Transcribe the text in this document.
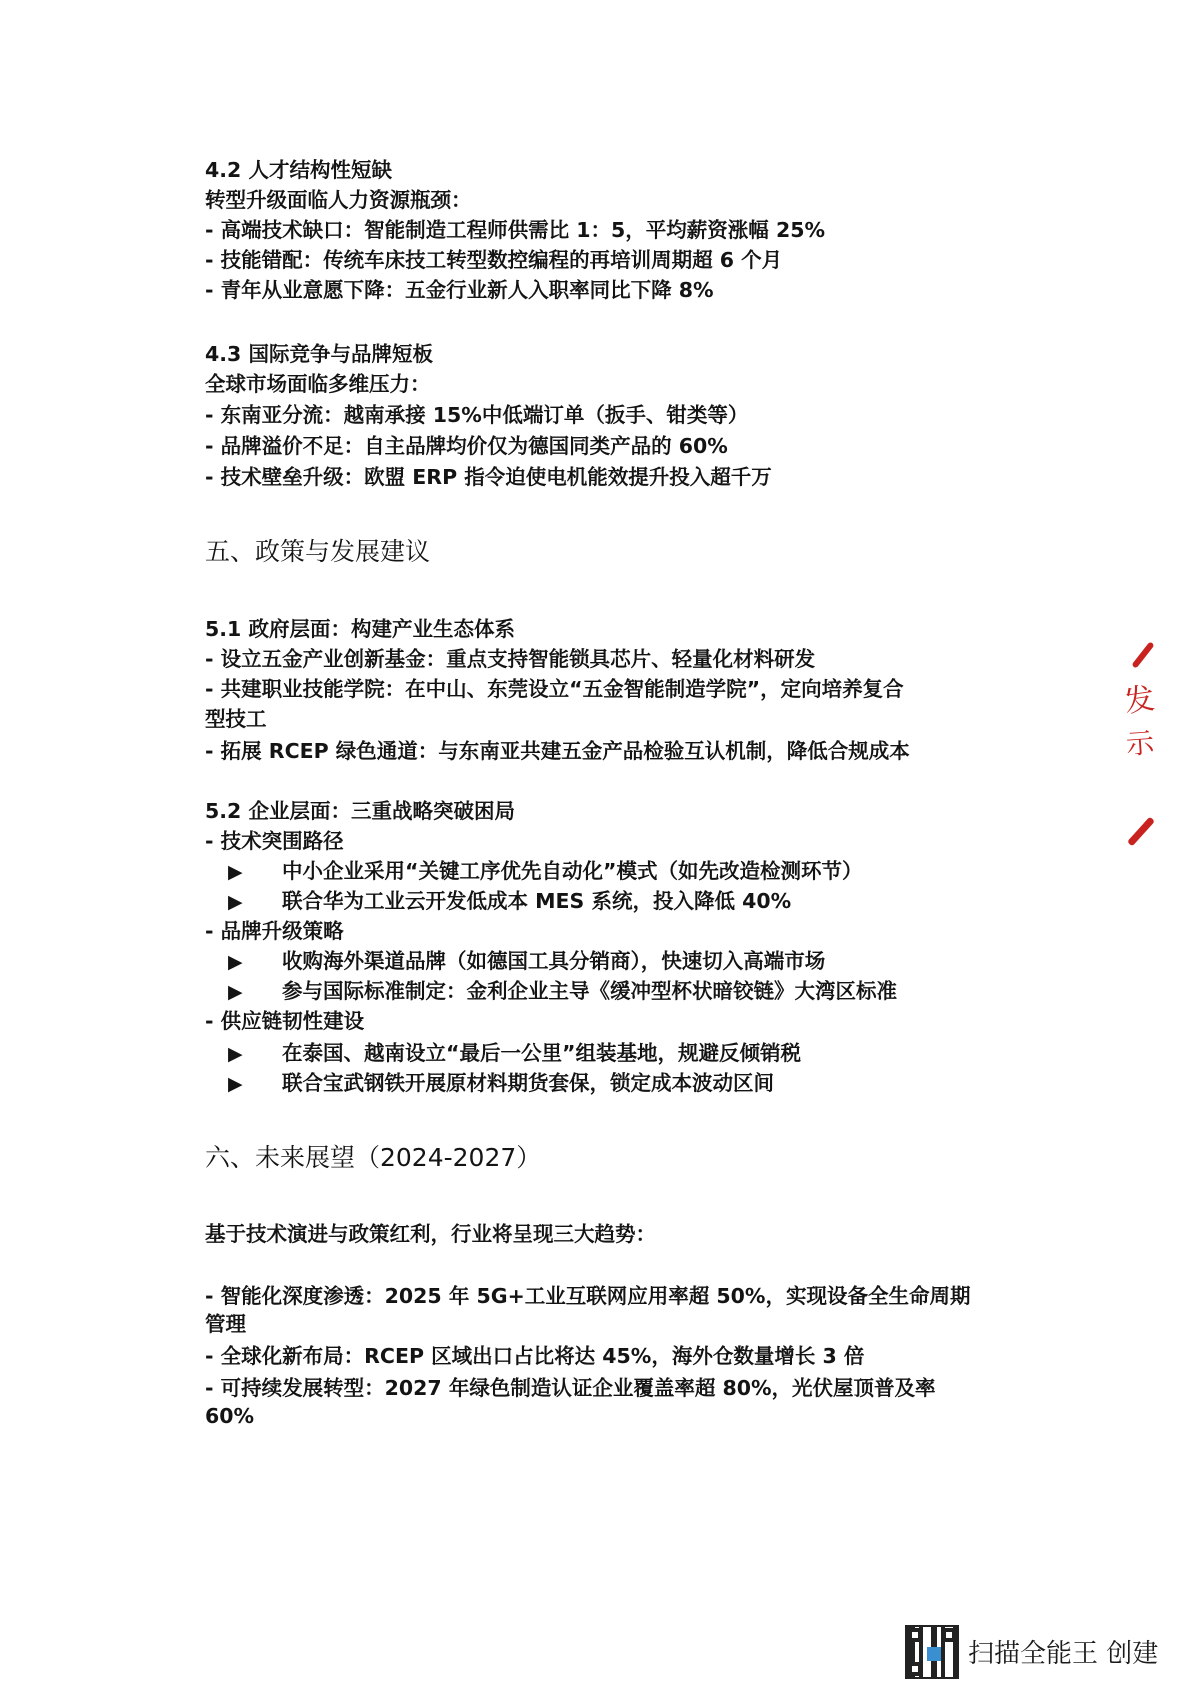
4.2 人才结构性短缺
转型升级面临人力资源瓶颈：
- 高端技术缺口：智能制造工程师供需比 1：5，平均薪资涨幅 25%
- 技能错配：传统车床技工转型数控编程的再培训周期超 6 个月
- 青年从业意愿下降：五金行业新人入职率同比下降 8%
4.3 国际竞争与品牌短板
全球市场面临多维压力：
- 东南亚分流：越南承接 15%中低端订单（扳手、钳类等）
- 品牌溢价不足：自主品牌均价仅为德国同类产品的 60%
- 技术壁垒升级：欧盟 ERP 指令迫使电机能效提升投入超千万
五、政策与发展建议
5.1 政府层面：构建产业生态体系
- 设立五金产业创新基金：重点支持智能锁具芯片、轻量化材料研发
- 共建职业技能学院：在中山、东莞设立“五金智能制造学院”，定向培养复合
型技工
- 拓展 RCEP 绿色通道：与东南亚共建五金产品检验互认机制，降低合规成本
5.2 企业层面：三重战略突破困局
- 技术突围路径
▶ 中小企业采用“关键工序优先自动化”模式（如先改造检测环节）
▶ 联合华为工业云开发低成本 MES 系统，投入降低 40%
- 品牌升级策略
▶ 收购海外渠道品牌（如德国工具分销商），快速切入高端市场
▶ 参与国际标准制定：金利企业主导《缓冲型杯状暗铰链》大湾区标准
- 供应链韧性建设
▶ 在泰国、越南设立“最后一公里”组装基地，规避反倾销税
▶ 联合宝武钢铁开展原材料期货套保，锁定成本波动区间
六、未来展望（2024-2027）
基于技术演进与政策红利，行业将呈现三大趋势：
- 智能化深度渗透：2025 年 5G+工业互联网应用率超 50%，实现设备全生命周期
管理
- 全球化新布局：RCEP 区域出口占比将达 45%，海外仓数量增长 3 倍
- 可持续发展转型：2027 年绿色制造认证企业覆盖率超 80%，光伏屋顶普及率
60%
发
示
扫描全能王 创建
